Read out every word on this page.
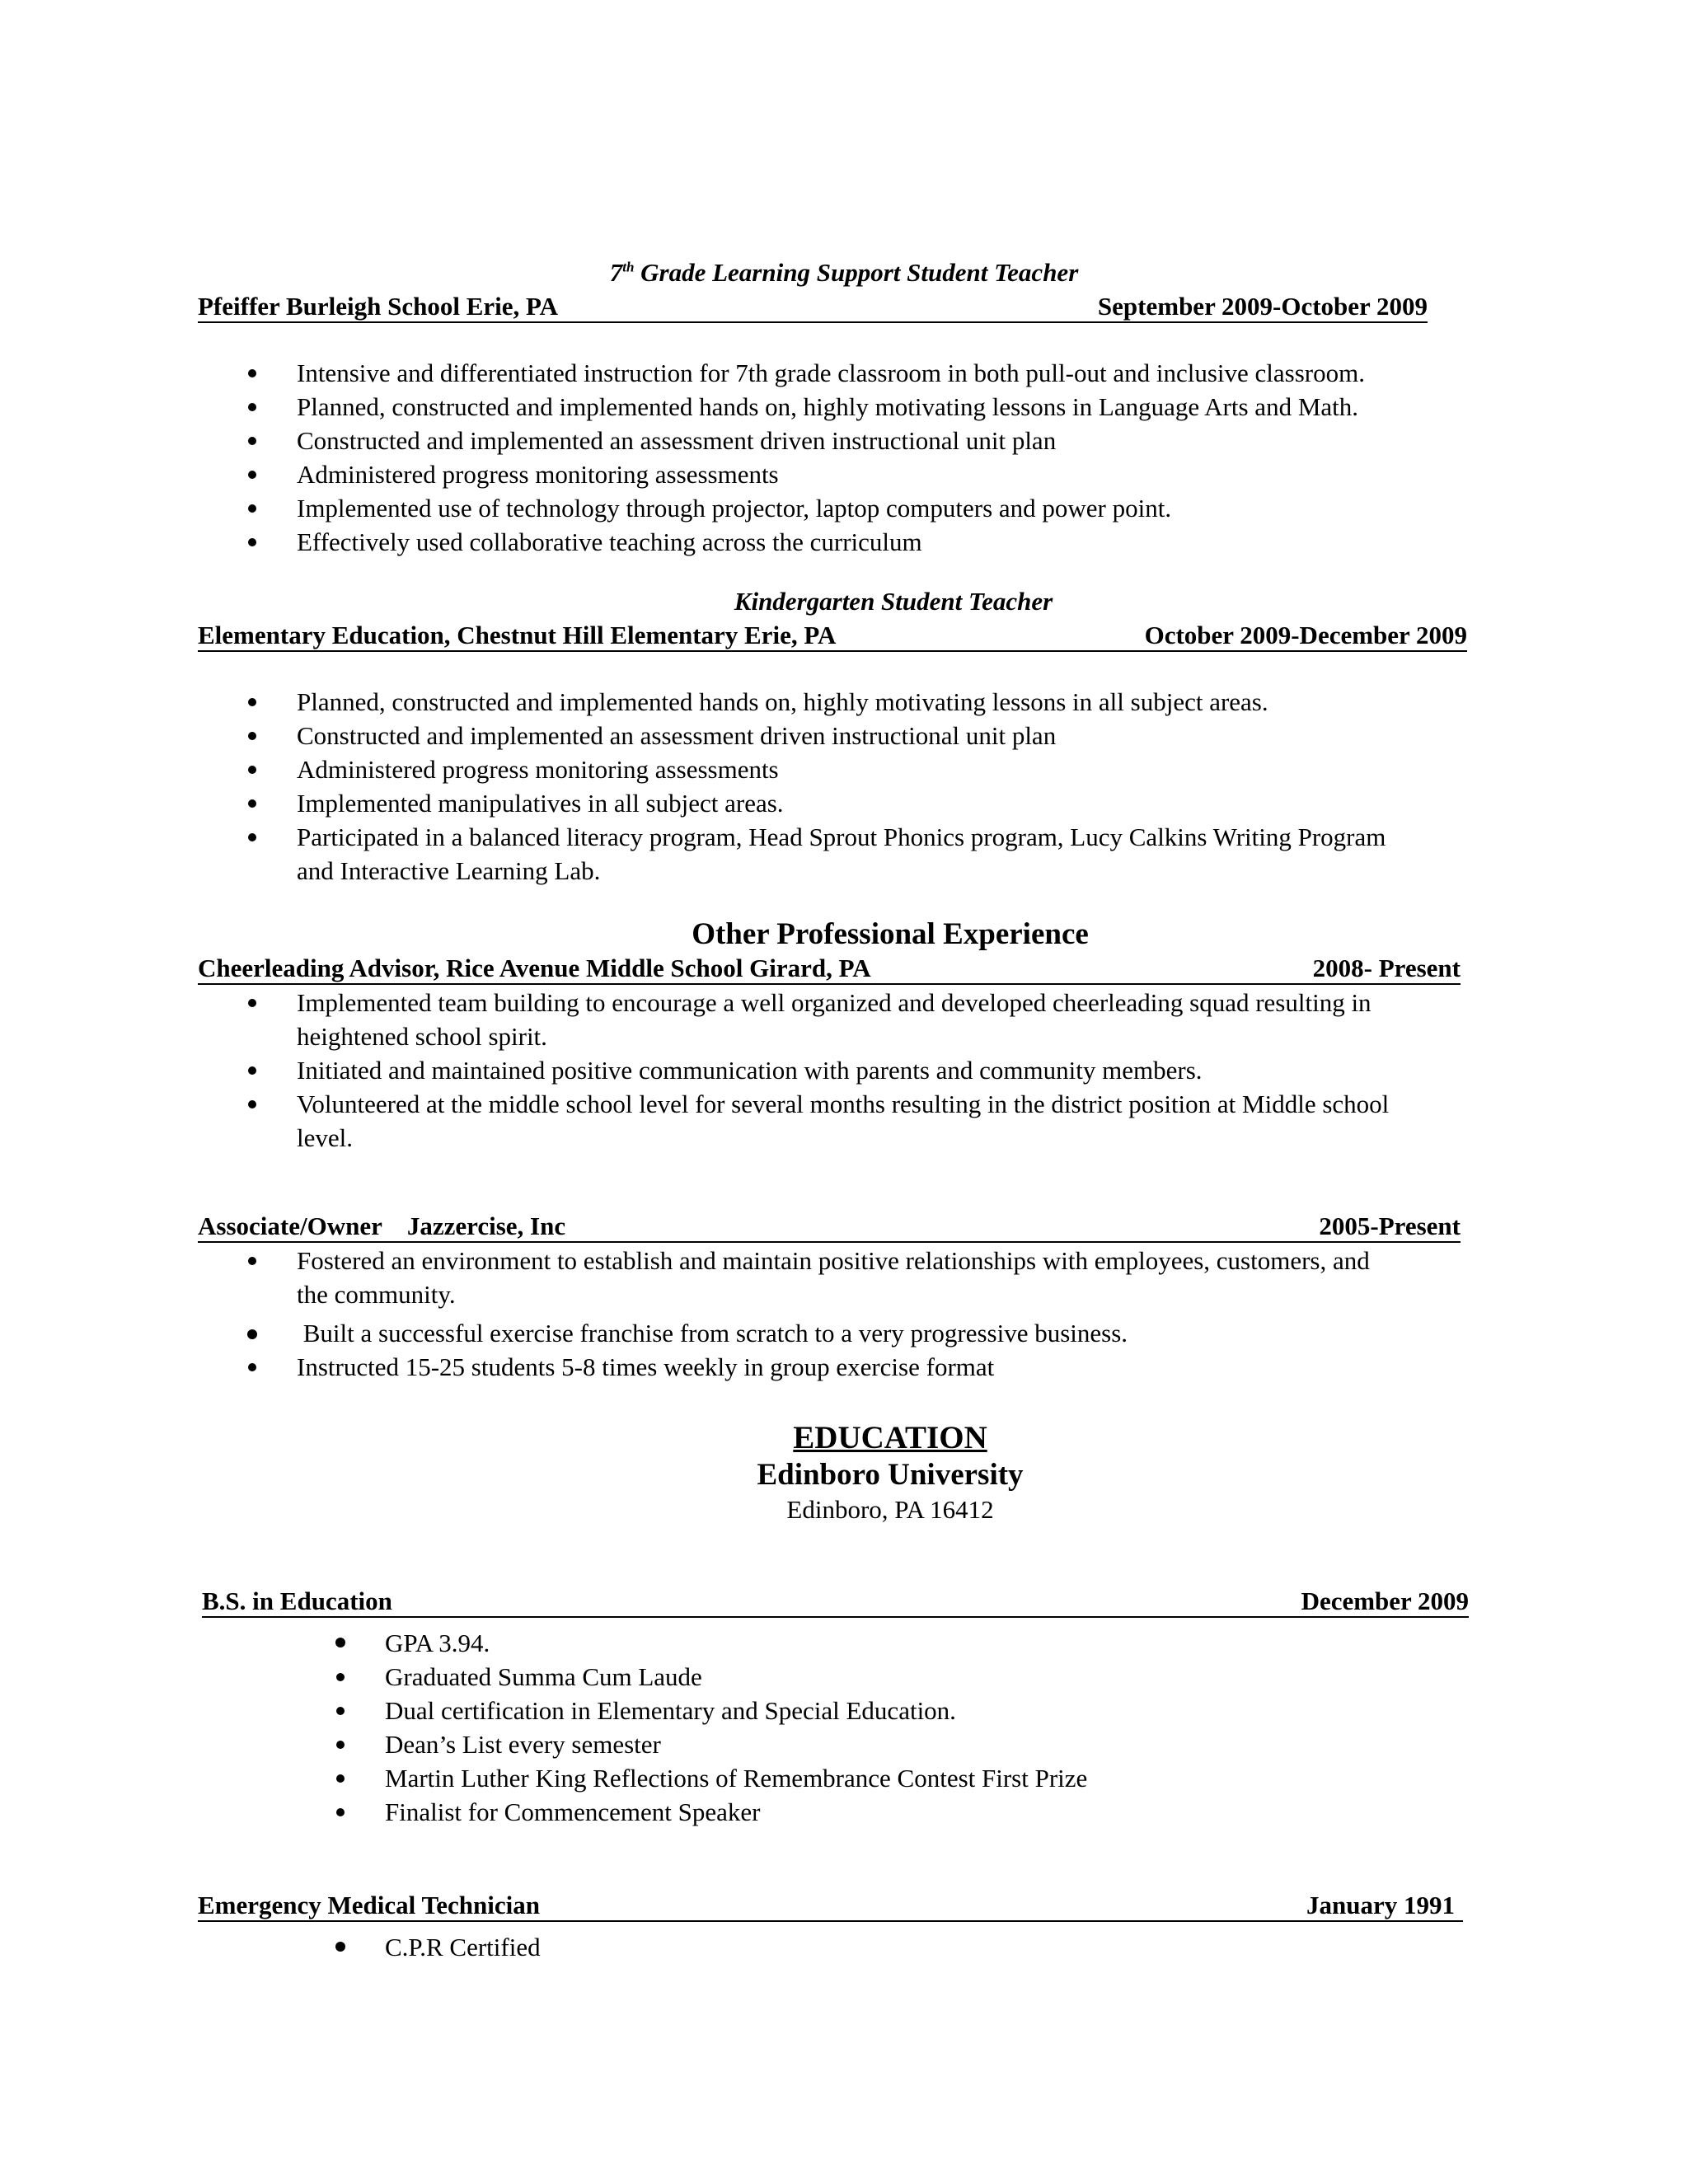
7th Grade Learning Support Student Teacher
Pfeiffer Burleigh School Erie, PA	September 2009-October 2009
Intensive and differentiated instruction for 7th grade classroom in both pull-out and inclusive classroom.
Planned, constructed and implemented hands on, highly motivating lessons in Language Arts and Math.
Constructed and implemented an assessment driven instructional unit plan
Administered progress monitoring assessments
Implemented use of technology through projector, laptop computers and power point.
Effectively used collaborative teaching across the curriculum
Kindergarten Student Teacher
Elementary Education, Chestnut Hill Elementary Erie, PA	October 2009-December 2009
Planned, constructed and implemented hands on, highly motivating lessons in all subject areas.
Constructed and implemented an assessment driven instructional unit plan
Administered progress monitoring assessments
Implemented manipulatives in all subject areas.
Participated in a balanced literacy program, Head Sprout Phonics program, Lucy Calkins Writing Program
and Interactive Learning Lab.
Other Professional Experience
Cheerleading Advisor, Rice Avenue Middle School Girard, PA	2008- Present
Implemented team building to encourage a well organized and developed cheerleading squad resulting in
heightened school spirit.
Initiated and maintained positive communication with parents and community members.
Volunteered at the middle school level for several months resulting in the district position at Middle school
level.
Associate/Owner Jazzercise, Inc	2005-Present
Fostered an environment to establish and maintain positive relationships with employees, customers, and
the community.
Built a successful exercise franchise from scratch to a very progressive business.
Instructed 15-25 students 5-8 times weekly in group exercise format
EDUCATION
Edinboro University
Edinboro, PA 16412
B.S. in Education	December 2009
GPA 3.94.
Graduated Summa Cum Laude
Dual certification in Elementary and Special Education.
Dean’s List every semester
Martin Luther King Reflections of Remembrance Contest First Prize
Finalist for Commencement Speaker
Emergency Medical Technician	January 1991
C.P.R Certified
